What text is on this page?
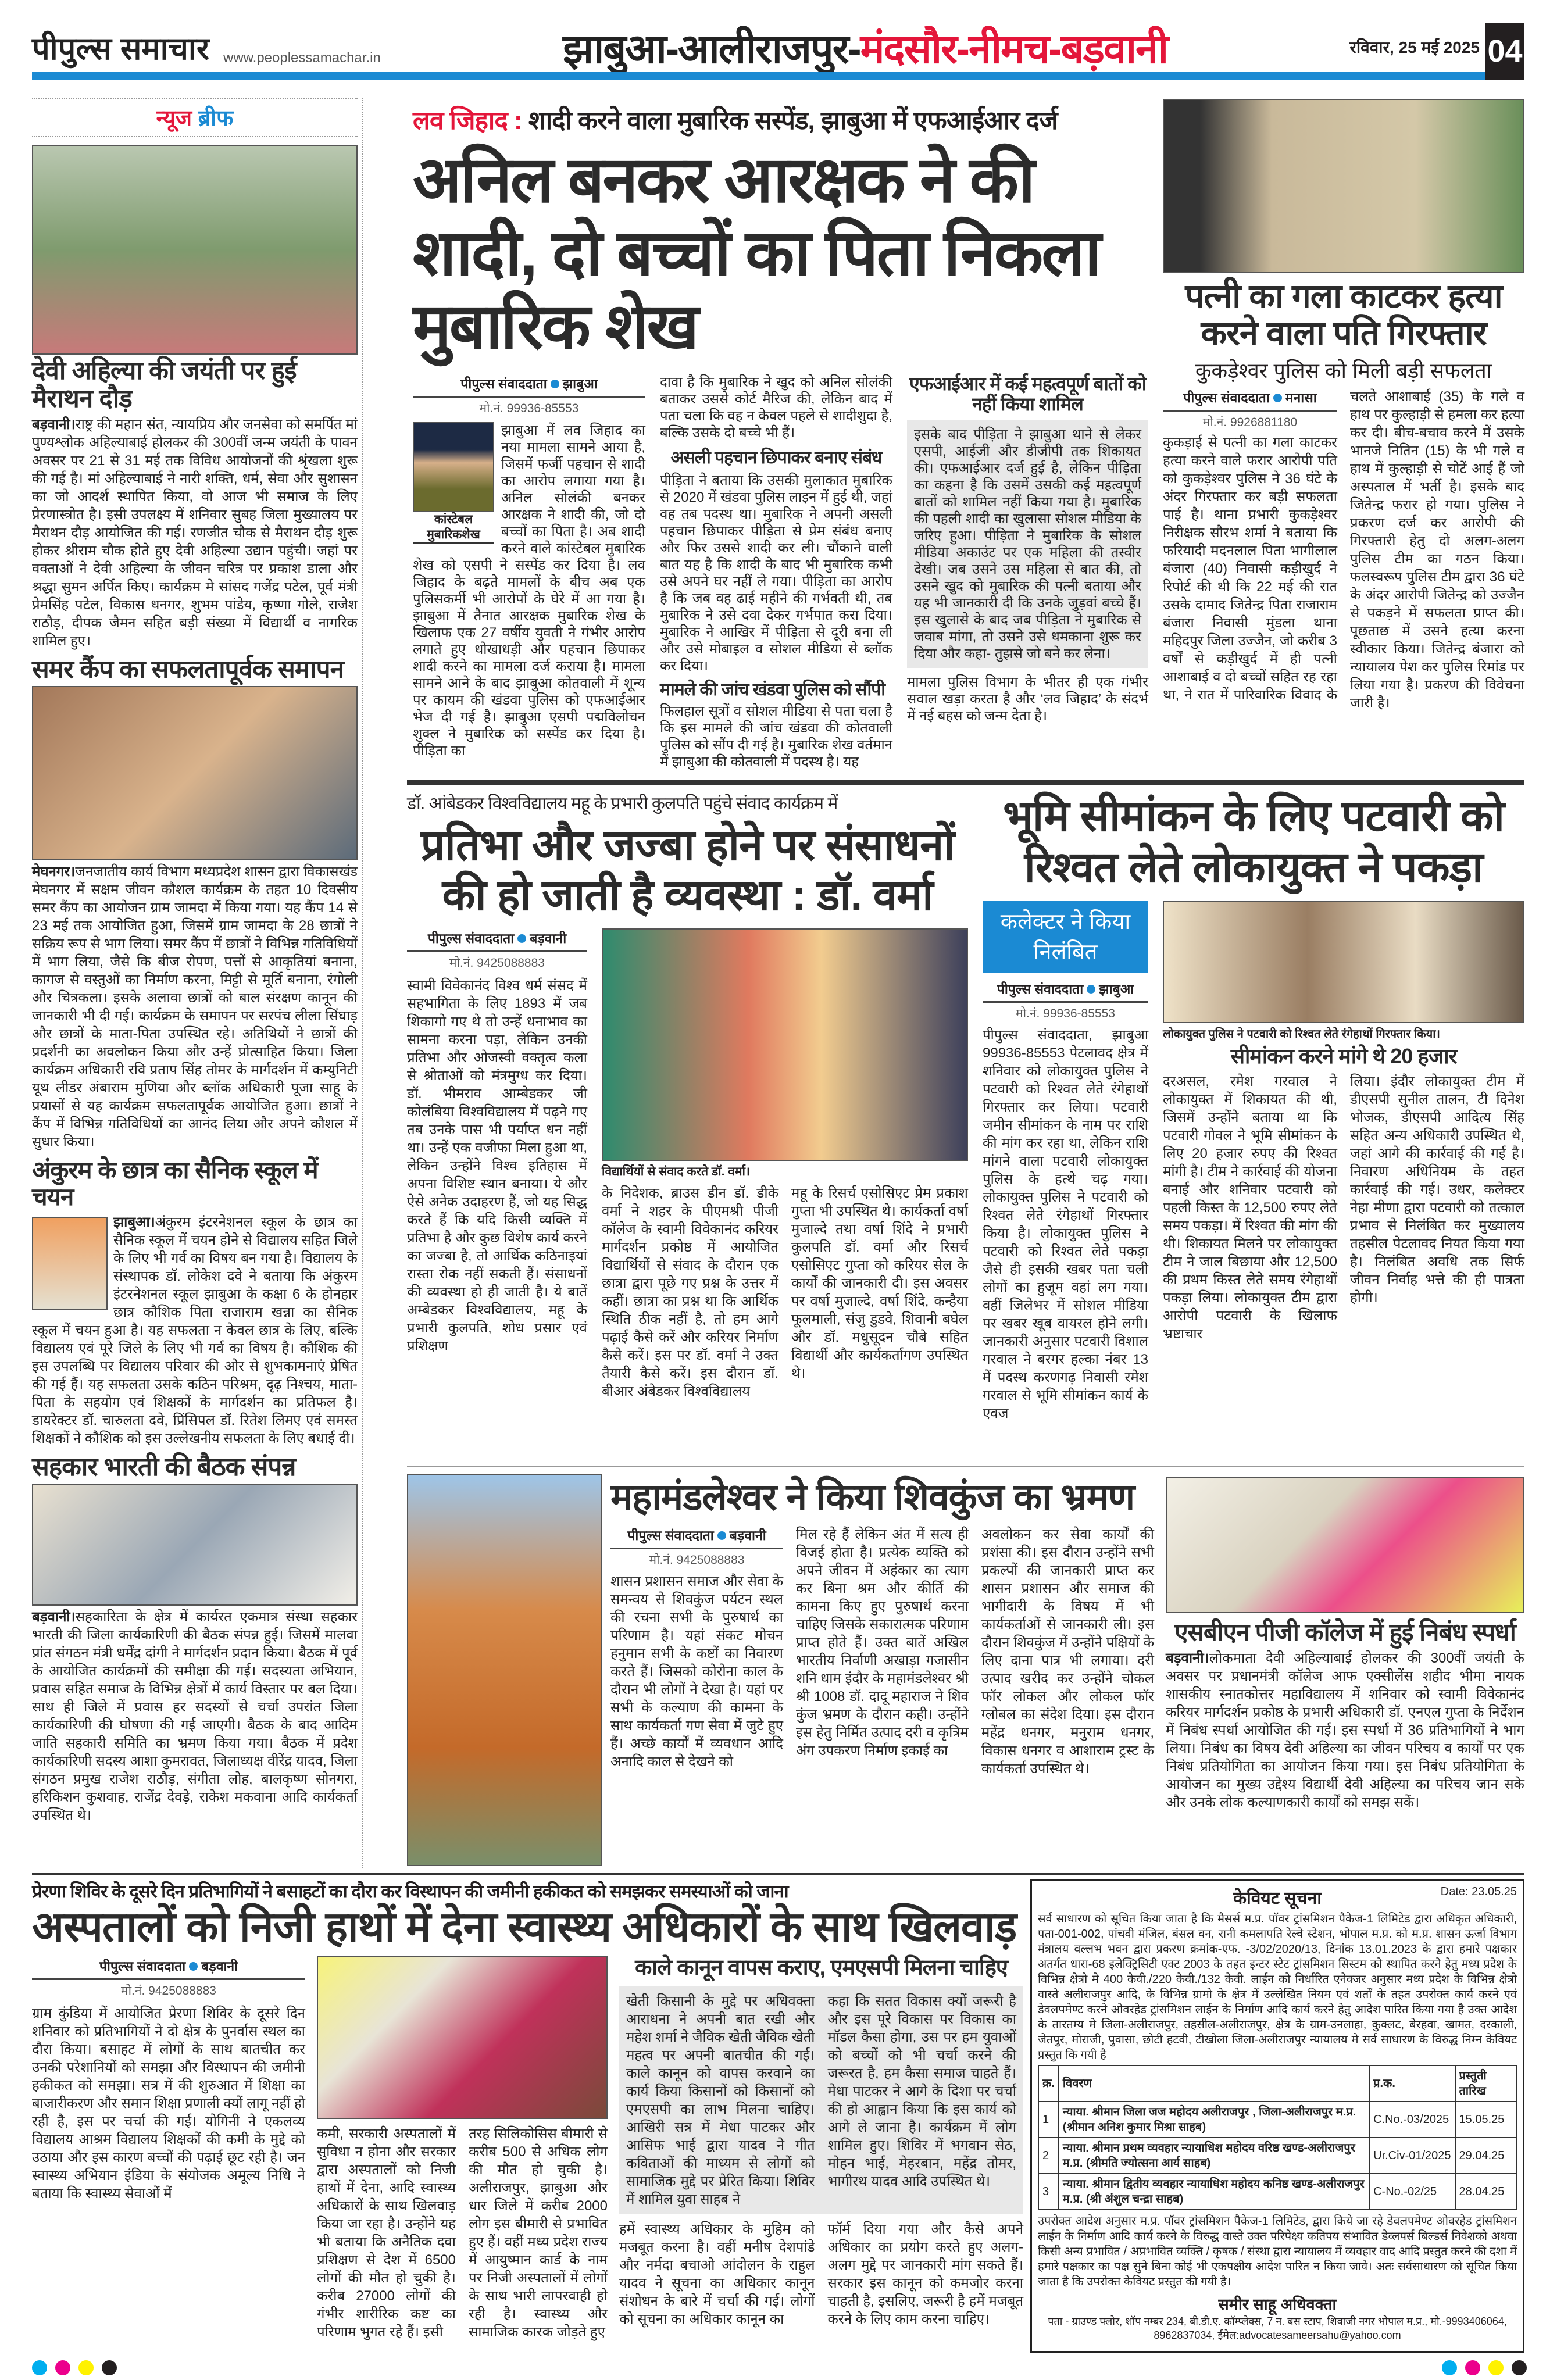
पीपुल्स समाचार www.peoplessamachar.in	झाबुआ-आलीराजपुर-मंदसौर-नीमच-बड़वानी	रविवार, 25 मई 2025 04
न्यूज ब्रीफ
देवी अहिल्या की जयंती पर हुई मैराथन दौड़

बड़वानी।राष्ट्र की महान संत, न्यायप्रिय और जनसेवा को समर्पित मां पुण्यश्लोक अहिल्याबाई होलकर की 300वीं जन्म जयंती के पावन अवसर पर 21 से 31 मई तक विविध आयोजनों की श्रृंखला शुरू की गई है। मां अहिल्याबाई ने नारी शक्ति, धर्म, सेवा और सुशासन का जो आदर्श स्थापित किया, वो आज भी समाज के लिए प्रेरणास्त्रोत है। इसी उपलक्ष्य में शनिवार सुबह जिला मुख्यालय पर मैराथन दौड़ आयोजित की गई। रणजीत चौक से मैराथन दौड़ शुरू होकर श्रीराम चौक होते हुए देवी अहिल्या उद्यान पहुंची। जहां पर वक्ताओं ने देवी अहिल्या के जीवन चरित्र पर प्रकाश डाला और श्रद्धा सुमन अर्पित किए। कार्यक्रम मे सांसद गजेंद्र पटेल, पूर्व मंत्री प्रेमसिंह पटेल, विकास धनगर, शुभम पांडेय, कृष्णा गोले, राजेश राठौड़, दीपक जैमन सहित बड़ी संख्या में विद्यार्थी व नागरिक शामिल हुए।

समर कैंप का सफलतापूर्वक समापन

मेघनगर।जनजातीय कार्य विभाग मध्यप्रदेश शासन द्वारा विकासखंड मेघनगर में सक्षम जीवन कौशल कार्यक्रम के तहत 10 दिवसीय समर कैंप का आयोजन ग्राम जामदा में किया गया। यह कैंप 14 से 23 मई तक आयोजित हुआ, जिसमें ग्राम जामदा के 28 छात्रों ने सक्रिय रूप से भाग लिया। समर कैंप में छात्रों ने विभिन्न गतिविधियों में भाग लिया, जैसे कि बीज रोपण, पत्तों से आकृतियां बनाना, कागज से वस्तुओं का निर्माण करना, मिट्टी से मूर्ति बनाना, रंगोली और चित्रकला। इसके अलावा छात्रों को बाल संरक्षण कानून की जानकारी भी दी गई। कार्यक्रम के समापन पर सरपंच लीला सिंघाड़ और छात्रों के माता-पिता उपस्थित रहे। अतिथियों ने छात्रों की प्रदर्शनी का अवलोकन किया और उन्हें प्रोत्साहित किया। जिला कार्यक्रम अधिकारी रवि प्रताप सिंह तोमर के मार्गदर्शन में कम्युनिटी यूथ लीडर अंबाराम मुणिया और ब्लॉक अधिकारी पूजा साहू के प्रयासों से यह कार्यक्रम सफलतापूर्वक आयोजित हुआ। छात्रों ने कैंप में विभिन्न गतिविधियों का आनंद लिया और अपने कौशल में सुधार किया।

अंकुरम के छात्र का सैनिक स्कूल में चयन

झाबुआ।अंकुरम इंटरनेशनल स्कूल के छात्र का सैनिक स्कूल में चयन होने से विद्यालय सहित जिले के लिए भी गर्व का विषय बन गया है। विद्यालय के संस्थापक डॉ. लोकेश दवे ने बताया कि अंकुरम इंटरनेशनल स्कूल झाबुआ के कक्षा 6 के होनहार छात्र कौशिक पिता राजाराम खन्ना का सैनिक स्कूल में चयन हुआ है। यह सफलता न केवल छात्र के लिए, बल्कि विद्यालय एवं पूरे जिले के लिए भी गर्व का विषय है। कौशिक की इस उपलब्धि पर विद्यालय परिवार की ओर से शुभकामनाएं प्रेषित की गई हैं। यह सफलता उसके कठिन परिश्रम, दृढ़ निश्चय, माता-पिता के सहयोग एवं शिक्षकों के मार्गदर्शन का प्रतिफल है। डायरेक्टर डॉ. चारुलता दवे, प्रिंसिपल डॉ. रितेश लिमए एवं समस्त शिक्षकों ने कौशिक को इस उल्लेखनीय सफलता के लिए बधाई दी।

सहकार भारती की बैठक संपन्न

बड़वानी।सहकारिता के क्षेत्र में कार्यरत एकमात्र संस्था सहकार भारती की जिला कार्यकारिणी की बैठक संपन्न हुई। जिसमें मालवा प्रांत संगठन मंत्री धर्मेंद्र दांगी ने मार्गदर्शन प्रदान किया। बैठक में पूर्व के आयोजित कार्यक्रमों की समीक्षा की गई। सदस्यता अभियान, प्रवास सहित समाज के विभिन्न क्षेत्रों में कार्य विस्तार पर बल दिया। साथ ही जिले में प्रवास हर सदस्यों से चर्चा उपरांत जिला कार्यकारिणी की घोषणा की गई जाएगी। बैठक के बाद आदिम जाति सहकारी समिति का भ्रमण किया गया। बैठक में प्रदेश कार्यकारिणी सदस्य आशा कुमरावत, जिलाध्यक्ष वीरेंद्र यादव, जिला संगठन प्रमुख राजेश राठौड़, संगीता लोह, बालकृष्ण सोनगरा, हरिकिशन कुशवाह, राजेंद्र देवड़े, राकेश मकवाना आदि कार्यकर्ता उपस्थित थे।

लव जिहाद : शादी करने वाला मुबारिक सस्पेंड, झाबुआ में एफआईआर दर्ज
अनिल बनकर आरक्षक ने की शादी, दो बच्चों का पिता निकला मुबारिक शेख
पीपुल्स संवाददाता झाबुआ
मो.नं. 99936-85553
कांस्टेबल मुबारिकशेख

झाबुआ में लव जिहाद का नया मामला सामने आया है, जिसमें फर्जी पहचान से शादी का आरोप लगाया गया है। अनिल सोलंकी बनकर आरक्षक ने शादी की, जो दो बच्चों का पिता है। अब शादी करने वाले कांस्टेबल मुबारिक शेख को एसपी ने सस्पेंड कर दिया है। लव जिहाद के बढ़ते मामलों के बीच अब एक पुलिसकर्मी भी आरोपों के घेरे में आ गया है। झाबुआ में तैनात आरक्षक मुबारिक शेख के खिलाफ एक 27 वर्षीय युवती ने गंभीर आरोप लगाते हुए धोखाधड़ी और पहचान छिपाकर शादी करने का मामला दर्ज कराया है। मामला सामने आने के बाद झाबुआ कोतवाली में शून्य पर कायम की खंडवा पुलिस को एफआईआर भेज दी गई है। झाबुआ एसपी पद्मविलोचन शुक्ल ने मुबारिक को सस्पेंड कर दिया है। पीड़िता का

दावा है कि मुबारिक ने खुद को अनिल सोलंकी बताकर उससे कोर्ट मैरिज की, लेकिन बाद में पता चला कि वह न केवल पहले से शादीशुदा है, बल्कि उसके दो बच्चे भी हैं।

असली पहचान छिपाकर बनाए संबंध

पीड़िता ने बताया कि उसकी मुलाकात मुबारिक से 2020 में खंडवा पुलिस लाइन में हुई थी, जहां वह तब पदस्थ था। मुबारिक ने अपनी असली पहचान छिपाकर पीड़िता से प्रेम संबंध बनाए और फिर उससे शादी कर ली। चौंकाने वाली बात यह है कि शादी के बाद भी मुबारिक कभी उसे अपने घर नहीं ले गया। पीड़िता का आरोप है कि जब वह ढाई महीने की गर्भवती थी, तब मुबारिक ने उसे दवा देकर गर्भपात करा दिया। मुबारिक ने आखिर में पीड़िता से दूरी बना ली और उसे मोबाइल व सोशल मीडिया से ब्लॉक कर दिया।

मामले की जांच खंडवा पुलिस को सौंपी

फिलहाल सूत्रों व सोशल मीडिया से पता चला है कि इस मामले की जांच खंडवा की कोतवाली पुलिस को सौंप दी गई है। मुबारिक शेख वर्तमान में झाबुआ की कोतवाली में पदस्थ है। यह

एफआईआर में कई महत्वपूर्ण बातों को नहीं किया शामिल

इसके बाद पीड़िता ने झाबुआ थाने से लेकर एसपी, आईजी और डीजीपी तक शिकायत की। एफआईआर दर्ज हुई है, लेकिन पीड़िता का कहना है कि उसमें उसकी कई महत्वपूर्ण बातों को शामिल नहीं किया गया है। मुबारिक की पहली शादी का खुलासा सोशल मीडिया के जरिए हुआ। पीड़िता ने मुबारिक के सोशल मीडिया अकाउंट पर एक महिला की तस्वीर देखी। जब उसने उस महिला से बात की, तो उसने खुद को मुबारिक की पत्नी बताया और यह भी जानकारी दी कि उनके जुड़वां बच्चे हैं। इस खुलासे के बाद जब पीड़िता ने मुबारिक से जवाब मांगा, तो उसने उसे धमकाना शुरू कर दिया और कहा- तुझसे जो बने कर लेना।

मामला पुलिस विभाग के भीतर ही एक गंभीर सवाल खड़ा करता है और ‘लव जिहाद’ के संदर्भ में नई बहस को जन्म देता है।

पत्नी का गला काटकर हत्या करने वाला पति गिरफ्तार
कुकड़ेश्वर पुलिस को मिली बड़ी सफलता
पीपुल्स संवाददाता मनासा
मो.नं. 9926881180

कुकड़ाई से पत्नी का गला काटकर हत्या करने वाले फरार आरोपी पति को कुकड़ेश्वर पुलिस ने 36 घंटे के अंदर गिरफ्तार कर बड़ी सफलता पाई है। थाना प्रभारी कुकड़ेश्वर निरीक्षक सौरभ शर्मा ने बताया कि फरियादी मदनलाल पिता भागीलाल बंजारा (40) निवासी कड़ीखुर्द ने रिपोर्ट की थी कि 22 मई की रात उसके दामाद जितेन्द्र पिता राजाराम बंजारा निवासी मुंडला थाना महिदपुर जिला उज्जैन, जो करीब 3 वर्षों से कड़ीखुर्द में ही पत्नी आशाबाई व दो बच्चों सहित रह रहा था, ने रात में पारिवारिक विवाद के चलते आशाबाई (35) के गले व हाथ पर कुल्हाड़ी से हमला कर हत्या कर दी। बीच-बचाव करने में उसके भानजे नितिन (15) के भी गले व हाथ में कुल्हाड़ी से चोटें आई हैं जो अस्पताल में भर्ती है। इसके बाद जितेन्द्र फरार हो गया। पुलिस ने प्रकरण दर्ज कर आरोपी की गिरफ्तारी हेतु दो अलग-अलग पुलिस टीम का गठन किया। फलस्वरूप पुलिस टीम द्वारा 36 घंटे के अंदर आरोपी जितेन्द्र को उज्जैन से पकड़ने में सफलता प्राप्त की। पूछताछ में उसने हत्या करना स्वीकार किया। जितेन्द्र बंजारा को न्यायालय पेश कर पुलिस रिमांड पर लिया गया है। प्रकरण की विवेचना जारी है।

डॉ. आंबेडकर विश्वविद्यालय महू के प्रभारी कुलपति पहुंचे संवाद कार्यक्रम में
प्रतिभा और जज्बा होने पर संसाधनों की हो जाती है व्यवस्था : डॉ. वर्मा
पीपुल्स संवाददाता बड़वानी
मो.नं. 9425088883

स्वामी विवेकानंद विश्व धर्म संसद में सहभागिता के लिए 1893 में जब शिकागो गए थे तो उन्हें धनाभाव का सामना करना पड़ा, लेकिन उनकी प्रतिभा और ओजस्वी वक्तृत्व कला से श्रोताओं को मंत्रमुग्ध कर दिया। डॉ. भीमराव आम्बेडकर जी कोलंबिया विश्वविद्यालय में पढ़ने गए तब उनके पास भी पर्याप्त धन नहीं था। उन्हें एक वजीफा मिला हुआ था, लेकिन उन्होंने विश्व इतिहास में अपना विशिष्ट स्थान बनाया। ये और ऐसे अनेक उदाहरण हैं, जो यह सिद्ध करते हैं कि यदि किसी व्यक्ति में प्रतिभा है और कुछ विशेष कार्य करने का जज्बा है, तो आर्थिक कठिनाइयां रास्ता रोक नहीं सकती हैं। संसाधनों की व्यवस्था हो ही जाती है। ये बातें अम्बेडकर विश्वविद्यालय, महू के प्रभारी कुलपति, शोध प्रसार एवं प्रशिक्षण

विद्यार्थियों से संवाद करते डॉ. वर्मा।

के निदेशक, ब्राउस डीन डॉ. डीके वर्मा ने शहर के पीएमश्री पीजी कॉलेज के स्वामी विवेकानंद करियर मार्गदर्शन प्रकोष्ठ में आयोजित विद्यार्थियों से संवाद के दौरान एक छात्रा द्वारा पूछे गए प्रश्न के उत्तर में कहीं। छात्रा का प्रश्न था कि आर्थिक स्थिति ठीक नहीं है, तो हम आगे पढ़ाई कैसे करें और करियर निर्माण कैसे करें। इस पर डॉ. वर्मा ने उक्त तैयारी कैसे करें। इस दौरान डॉ. बीआर अंबेडकर विश्वविद्यालय

महू के रिसर्च एसोसिएट प्रेम प्रकाश गुप्ता भी उपस्थित थे। कार्यकर्ता वर्षा मुजाल्दे तथा वर्षा शिंदे ने प्रभारी कुलपति डॉ. वर्मा और रिसर्च एसोसिएट गुप्ता को करियर सेल के कार्यों की जानकारी दी। इस अवसर पर वर्षा मुजाल्दे, वर्षा शिंदे, कन्हैया फूलमाली, संजु डुडवे, शिवानी बघेल और डॉ. मधुसूदन चौबे सहित विद्यार्थी और कार्यकर्तागण उपस्थित थे।

भूमि सीमांकन के लिए पटवारी को रिश्वत लेते लोकायुक्त ने पकड़ा
कलेक्टर ने किया निलंबित
पीपुल्स संवाददाता झाबुआ
मो.नं. 99936-85553

पीपुल्स संवाददाता, झाबुआ 99936-85553 पेटलावद क्षेत्र में शनिवार को लोकायुक्त पुलिस ने पटवारी को रिश्वत लेते रंगेहाथों गिरफ्तार कर लिया। पटवारी जमीन सीमांकन के नाम पर राशि की मांग कर रहा था, लेकिन राशि मांगने वाला पटवारी लोकायुक्त पुलिस के हत्थे चढ़ गया। लोकायुक्त पुलिस ने पटवारी को रिश्वत लेते रंगेहाथों गिरफ्तार किया है। लोकायुक्त पुलिस ने पटवारी को रिश्वत लेते पकड़ा जैसे ही इसकी खबर पता चली लोगों का हुजूम वहां लग गया। वहीं जिलेभर में सोशल मीडिया पर खबर खूब वायरल होने लगी। जानकारी अनुसार पटवारी विशाल गरवाल ने बरगर हल्का नंबर 13 में पदस्थ करणगढ़ निवासी रमेश गरवाल से भूमि सीमांकन कार्य के एवज

लोकायुक्त पुलिस ने पटवारी को रिश्वत लेते रंगेहाथों गिरफ्तार किया।
सीमांकन करने मांगे थे 20 हजार

दरअसल, रमेश गरवाल ने लोकायुक्त में शिकायत की थी, जिसमें उन्होंने बताया था कि पटवारी गोवल ने भूमि सीमांकन के लिए 20 हजार रुपए की रिश्वत मांगी है। टीम ने कार्रवाई की योजना बनाई और शनिवार पटवारी को पहली किस्त के 12,500 रुपए लेते समय पकड़ा। में रिश्वत की मांग की थी। शिकायत मिलने पर लोकायुक्त टीम ने जाल बिछाया और 12,500 की प्रथम किस्त लेते समय रंगेहाथों पकड़ा लिया। लोकायुक्त टीम द्वारा आरोपी पटवारी के खिलाफ भ्रष्टाचार

लिया। इंदौर लोकायुक्त टीम में डीएसपी सुनील तालन, टी दिनेश भोजक, डीएसपी आदित्य सिंह सहित अन्य अधिकारी उपस्थित थे, जहां आगे की कार्रवाई की गई है। निवारण अधिनियम के तहत कार्रवाई की गई। उधर, कलेक्टर नेहा मीणा द्वारा पटवारी को तत्काल प्रभाव से निलंबित कर मुख्यालय तहसील पेटलावद नियत किया गया है। निलंबित अवधि तक सिर्फ जीवन निर्वाह भत्ते की ही पात्रता होगी।

महामंडलेश्वर ने किया शिवकुंज का भ्रमण
पीपुल्स संवाददाता बड़वानी
मो.नं. 9425088883

शासन प्रशासन समाज और सेवा के समन्वय से शिवकुंज पर्यटन स्थल की रचना सभी के पुरुषार्थ का परिणाम है। यहां संकट मोचन हनुमान सभी के कष्टों का निवारण करते हैं। जिसको कोरोना काल के दौरान भी लोगों ने देखा है। यहां पर सभी के कल्याण की कामना के साथ कार्यकर्ता गण सेवा में जुटे हुए हैं। अच्छे कार्यों में व्यवधान आदि अनादि काल से देखने को

मिल रहे हैं लेकिन अंत में सत्य ही विजई होता है। प्रत्येक व्यक्ति को अपने जीवन में अहंकार का त्याग कर बिना श्रम और कीर्ति की कामना किए हुए पुरुषार्थ करना चाहिए जिसके सकारात्मक परिणाम प्राप्त होते हैं। उक्त बातें अखिल भारतीय निर्वाणी अखाड़ा गजासीन शनि धाम इंदौर के महामंडलेश्वर श्री श्री 1008 डॉ. दादू महाराज ने शिव कुंज भ्रमण के दौरान कही। उन्होंने इस हेतु निर्मित उत्पाद दरी व कृत्रिम अंग उपकरण निर्माण इकाई का

अवलोकन कर सेवा कार्यों की प्रशंसा की। इस दौरान उन्होंने सभी प्रकल्पों की जानकारी प्राप्त कर शासन प्रशासन और समाज की भागीदारी के विषय में भी कार्यकर्ताओं से जानकारी ली। इस दौरान शिवकुंज में उन्होंने पक्षियों के लिए दाना पात्र भी लगाया। दरी उत्पाद खरीद कर उन्होंने चोकल फॉर लोकल और लोकल फॉर ग्लोबल का संदेश दिया। इस दौरान महेंद्र धनगर, मनुराम धनगर, विकास धनगर व आशाराम ट्रस्ट के कार्यकर्ता उपस्थित थे।

एसबीएन पीजी कॉलेज में हुई निबंध स्पर्धा

बड़वानी।लोकमाता देवी अहिल्याबाई होलकर की 300वीं जयंती के अवसर पर प्रधानमंत्री कॉलेज आफ एक्सीलेंस शहीद भीमा नायक शासकीय स्नातकोत्तर महाविद्यालय में शनिवार को स्वामी विवेकानंद करियर मार्गदर्शन प्रकोष्ठ के प्रभारी अधिकारी डॉ. एनएल गुप्ता के निर्देशन में निबंध स्पर्धा आयोजित की गई। इस स्पर्धा में 36 प्रतिभागियों ने भाग लिया। निबंध का विषय देवी अहिल्या का जीवन परिचय व कार्यों पर एक निबंध प्रतियोगिता का आयोजन किया गया। इस निबंध प्रतियोगिता के आयोजन का मुख्य उद्देश्य विद्यार्थी देवी अहिल्या का परिचय जान सके और उनके लोक कल्याणकारी कार्यों को समझ सकें।

प्रेरणा शिविर के दूसरे दिन प्रतिभागियों ने बसाहटों का दौरा कर विस्थापन की जमीनी हकीकत को समझकर समस्याओं को जाना
अस्पतालों को निजी हाथों में देना स्वास्थ्य अधिकारों के साथ खिलवाड़
पीपुल्स संवाददाता बड़वानी
मो.नं. 9425088883

ग्राम कुंडिया में आयोजित प्रेरणा शिविर के दूसरे दिन शनिवार को प्रतिभागियों ने दो क्षेत्र के पुनर्वास स्थल का दौरा किया। बसाहट में लोगों के साथ बातचीत कर उनकी परेशानियों को समझा और विस्थापन की जमीनी हकीकत को समझा। सत्र में की शुरुआत में शिक्षा का बाजारीकरण और समान शिक्षा प्रणाली क्यों लागू नहीं हो रही है, इस पर चर्चा की गई। योगिनी ने एकलव्य विद्यालय आश्रम विद्यालय शिक्षकों की कमी के मुद्दे को उठाया और इस कारण बच्चों की पढ़ाई छूट रही है। जन स्वास्थ्य अभियान इंडिया के संयोजक अमूल्य निधि ने बताया कि स्वास्थ्य सेवाओं में

कमी, सरकारी अस्पतालों में सुविधा न होना और सरकार द्वारा अस्पतालों को निजी हाथों में देना, आदि स्वास्थ्य अधिकारों के साथ खिलवाड़ किया जा रहा है। उन्होंने यह भी बताया कि अनैतिक दवा प्रशिक्षण से देश में 6500 लोगों की मौत हो चुकी है। करीब 27000 लोगों की गंभीर शारीरिक कष्ट का परिणाम भुगत रहे हैं। इसी

तरह सिलिकोसिस बीमारी से करीब 500 से अधिक लोग की मौत हो चुकी है। अलीराजपुर, झाबुआ और धार जिले में करीब 2000 लोग इस बीमारी से प्रभावित हुए हैं। वहीं मध्य प्रदेश राज्य में आयुष्मान कार्ड के नाम पर निजी अस्पतालों में लोगों के साथ भारी लापरवाही हो रही है। स्वास्थ्य और सामाजिक कारक जोड़ते हुए

काले कानून वापस कराए, एमएसपी मिलना चाहिए

खेती किसानी के मुद्दे पर अधिवक्ता आराधना ने अपनी बात रखी और महेश शर्मा ने जैविक खेती जैविक खेती महत्व पर अपनी बातचीत की गई। काले कानून को वापस करवाने का कार्य किया किसानों को किसानों को एमएसपी का लाभ मिलना चाहिए। आखिरी सत्र में मेधा पाटकर और आसिफ भाई द्वारा यादव ने गीत कविताओं की माध्यम से लोगों को सामाजिक मुद्दे पर प्रेरित किया। शिविर में शामिल युवा साहब ने

कहा कि सतत विकास क्यों जरूरी है और इस पूरे विकास पर विकास का मॉडल कैसा होगा, उस पर हम युवाओं को बच्चों को भी चर्चा करने की जरूरत है, हम कैसा समाज चाहते हैं। मेधा पाटकर ने आगे के दिशा पर चर्चा की हो आह्वान किया कि इस कार्य को आगे ले जाना है। कार्यक्रम में लोग शामिल हुए। शिविर में भगवान सेठ, मोहन भाई, मेहरबान, महेंद्र तोमर, भागीरथ यादव आदि उपस्थित थे।

हमें स्वास्थ्य अधिकार के मुहिम को मजबूत करना है। वहीं मनीष देशपांडे और नर्मदा बचाओ आंदोलन के राहुल यादव ने सूचना का अधिकार कानून संशोधन के बारे में चर्चा की गई। लोगों को सूचना का अधिकार कानून का

फॉर्म दिया गया और कैसे अपने अधिकार का प्रयोग करते हुए अलग-अलग मुद्दे पर जानकारी मांग सकते हैं। सरकार इस कानून को कमजोर करना चाहती है, इसलिए, जरूरी है हमें मजबूत करने के लिए काम करना चाहिए।

केवियट सूचना	Date: 23.05.25

सर्व साधारण को सूचित किया जाता है कि मैसर्स म.प्र. पॉवर ट्रांसमिशन पैकेज-1 लिमिटेड द्वारा अधिकृत अधिकारी, पता-001-002, पांचवी मंजिल, बंसल वन, रानी कमलापति रेल्वे स्टेशन, भोपाल म.प्र. को म.प्र. शासन ऊर्जा विभाग मंत्रालय वल्लभ भवन द्वारा प्रकरण क्रमांक-एफ. -3/02/2020/13, दिनांक 13.01.2023 के द्वारा हमारे पक्षकार अतर्गत धारा-68 इलेक्ट्रिसिटी एक्ट 2003 के तहत इन्टर स्टेट ट्रांसमिशन सिस्टम को स्थापित करने हेतु मध्य प्रदेश के विभिन्न क्षेत्रो मे 400 केवी./220 केवी./132 केवी. लाईन को निर्धारित एनेक्जर अनुसार मध्य प्रदेश के विभिन्न क्षेत्रो वास्ते अलीराजपुर आदि, के विभिन्न ग्रामो के क्षेत्र में उल्लेखित नियम एवं शर्तों के तहत उपरोक्त कार्य करने एवं डेवलपमेण्ट करने ओवरहेड ट्रांसमिशन लाईन के निर्माण आदि कार्य करने हेतु आदेश पारित किया गया है उक्त आदेश के तारतम्य मे जिला-अलीराजपुर, तहसील-अलीराजपुर, क्षेत्र के ग्राम-उनलाहा, कुक्लट, बेरहवा, खामत, दरकाली, जेतपुर, मोराजी, पुवासा, छोटी हटवी, टीखोला जिला-अलीराजपुर न्यायालय मे सर्व साधारण के विरुद्ध निम्न केवियट प्रस्तुत कि गयी है

क्र.	विवरण	प्र.क.	प्रस्तुती तारिख
1	न्याया. श्रीमान जिला जज महोदय अलीराजपुर , जिला-अलीराजपुर म.प्र. (श्रीमान अनिश कुमार मिश्रा साहब)	C.No.-03/2025	15.05.25
2	न्याया. श्रीमान प्रथम व्यवहार न्यायाधिश महोदय वरिष्ठ खण्ड-अलीराजपुर म.प्र. (श्रीमति ज्योत्सना आर्य साहब)	Ur.Civ-01/2025	29.04.25
3	न्याया. श्रीमान द्वितीय व्यवहार न्यायाधिश महोदय कनिष्ठ खण्ड-अलीराजपुर म.प्र. (श्री अंशुल चन्द्रा साहब)	C-No.-02/25	28.04.25

उपरोक्त आदेश अनुसार म.प्र. पॉवर ट्रांसमिशन पैकेज-1 लिमिटेड, द्वारा किये जा रहे डेवलपमेण्ट ओवरहेड ट्रांसमिशन लाईन के निर्माण आदि कार्य करने के विरुद्ध वास्ते उक्त परिपेक्ष्य कतिपय संभावित डेव्लपर्स बिल्डर्स निवेशको अथवा किसी अन्य प्रभावित / अप्रभावित व्यक्ति / कृषक / संस्था द्वारा न्यायालय में व्यवहार वाद आदि प्रस्तुत करने की दशा में हमारे पक्षकार का पक्ष सुने बिना कोई भी एकपक्षीय आदेश पारित न किया जावे। अतः सर्वसाधारण को सूचित किया जाता है कि उपरोक्त केवियट प्रस्तुत की गयी है।

समीर साहू अधिवक्ता
पता - ग्राउण्ड फ्लोर, शॉप नम्बर 234, बी.डी.ए. कॉम्प्लेक्स, 7 न. बस स्टाप, शिवाजी नगर भोपाल म.प्र., मो.-9993406064, 8962837034, ईमेल:advocatesameersahu@yahoo.com
